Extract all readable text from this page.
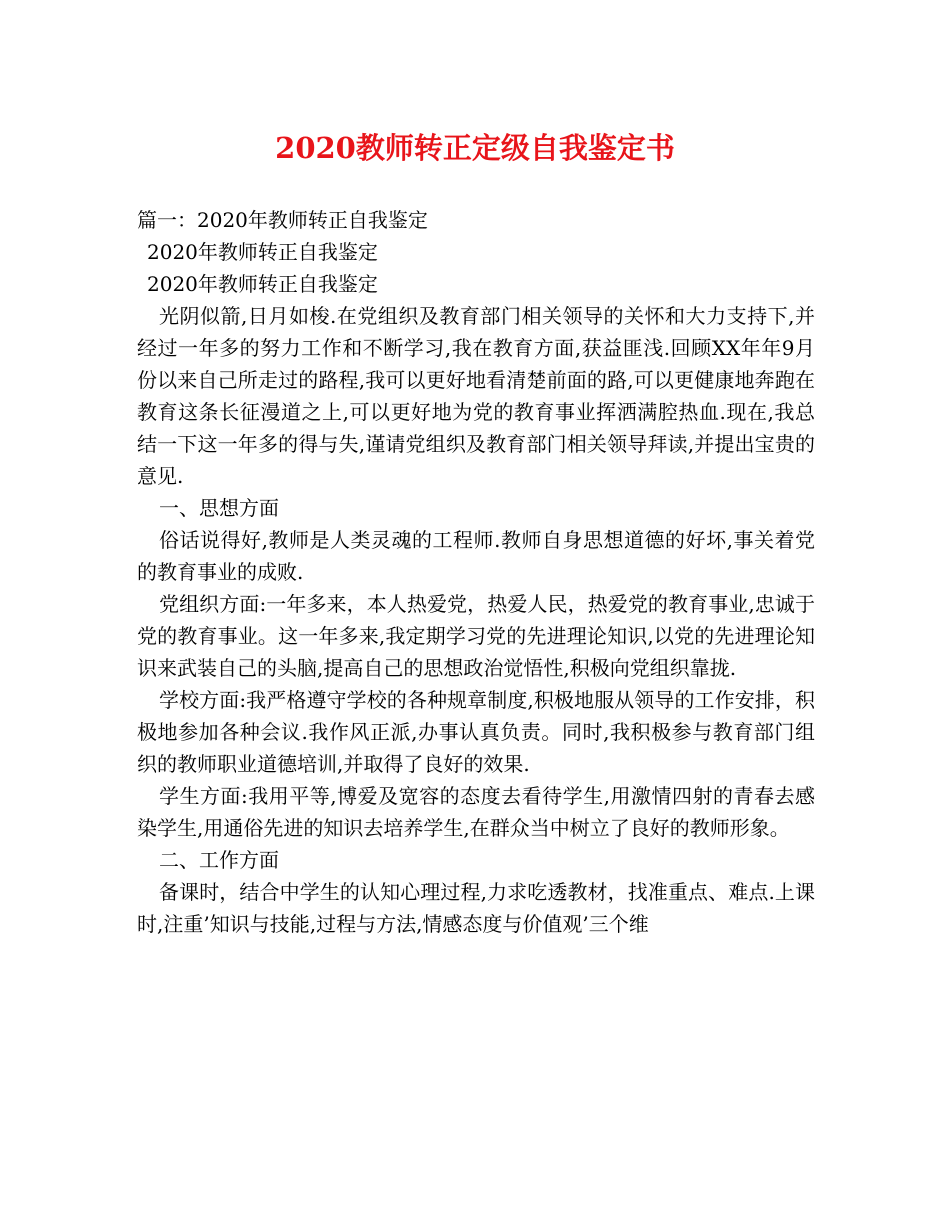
2020教师转正定级自我鉴定书

篇一：2020年教师转正自我鉴定

2020年教师转正自我鉴定

2020年教师转正自我鉴定

光阴似箭,日月如梭.在党组织及教育部门相关领导的关怀和大力支持下,并经过一年多的努力工作和不断学习,我在教育方面,获益匪浅.回顾XX年年9月份以来自己所走过的路程,我可以更好地看清楚前面的路,可以更健康地奔跑在教育这条长征漫道之上,可以更好地为党的教育事业挥洒满腔热血.现在,我总结一下这一年多的得与失,谨请党组织及教育部门相关领导拜读,并提出宝贵的意见.

一、思想方面

俗话说得好,教师是人类灵魂的工程师.教师自身思想道德的好坏,事关着党的教育事业的成败.

党组织方面:一年多来，本人热爱党，热爱人民，热爱党的教育事业,忠诚于党的教育事业。这一年多来,我定期学习党的先进理论知识,以党的先进理论知识来武装自己的头脑,提高自己的思想政治觉悟性,积极向党组织靠拢.

学校方面:我严格遵守学校的各种规章制度,积极地服从领导的工作安排，积极地参加各种会议.我作风正派,办事认真负责。同时,我积极参与教育部门组织的教师职业道德培训,并取得了良好的效果.

学生方面:我用平等,博爱及宽容的态度去看待学生,用激情四射的青春去感染学生,用通俗先进的知识去培养学生,在群众当中树立了良好的教师形象。

二、工作方面

备课时，结合中学生的认知心理过程,力求吃透教材，找准重点、难点.上课时,注重’知识与技能,过程与方法,情感态度与价值观’三个维
